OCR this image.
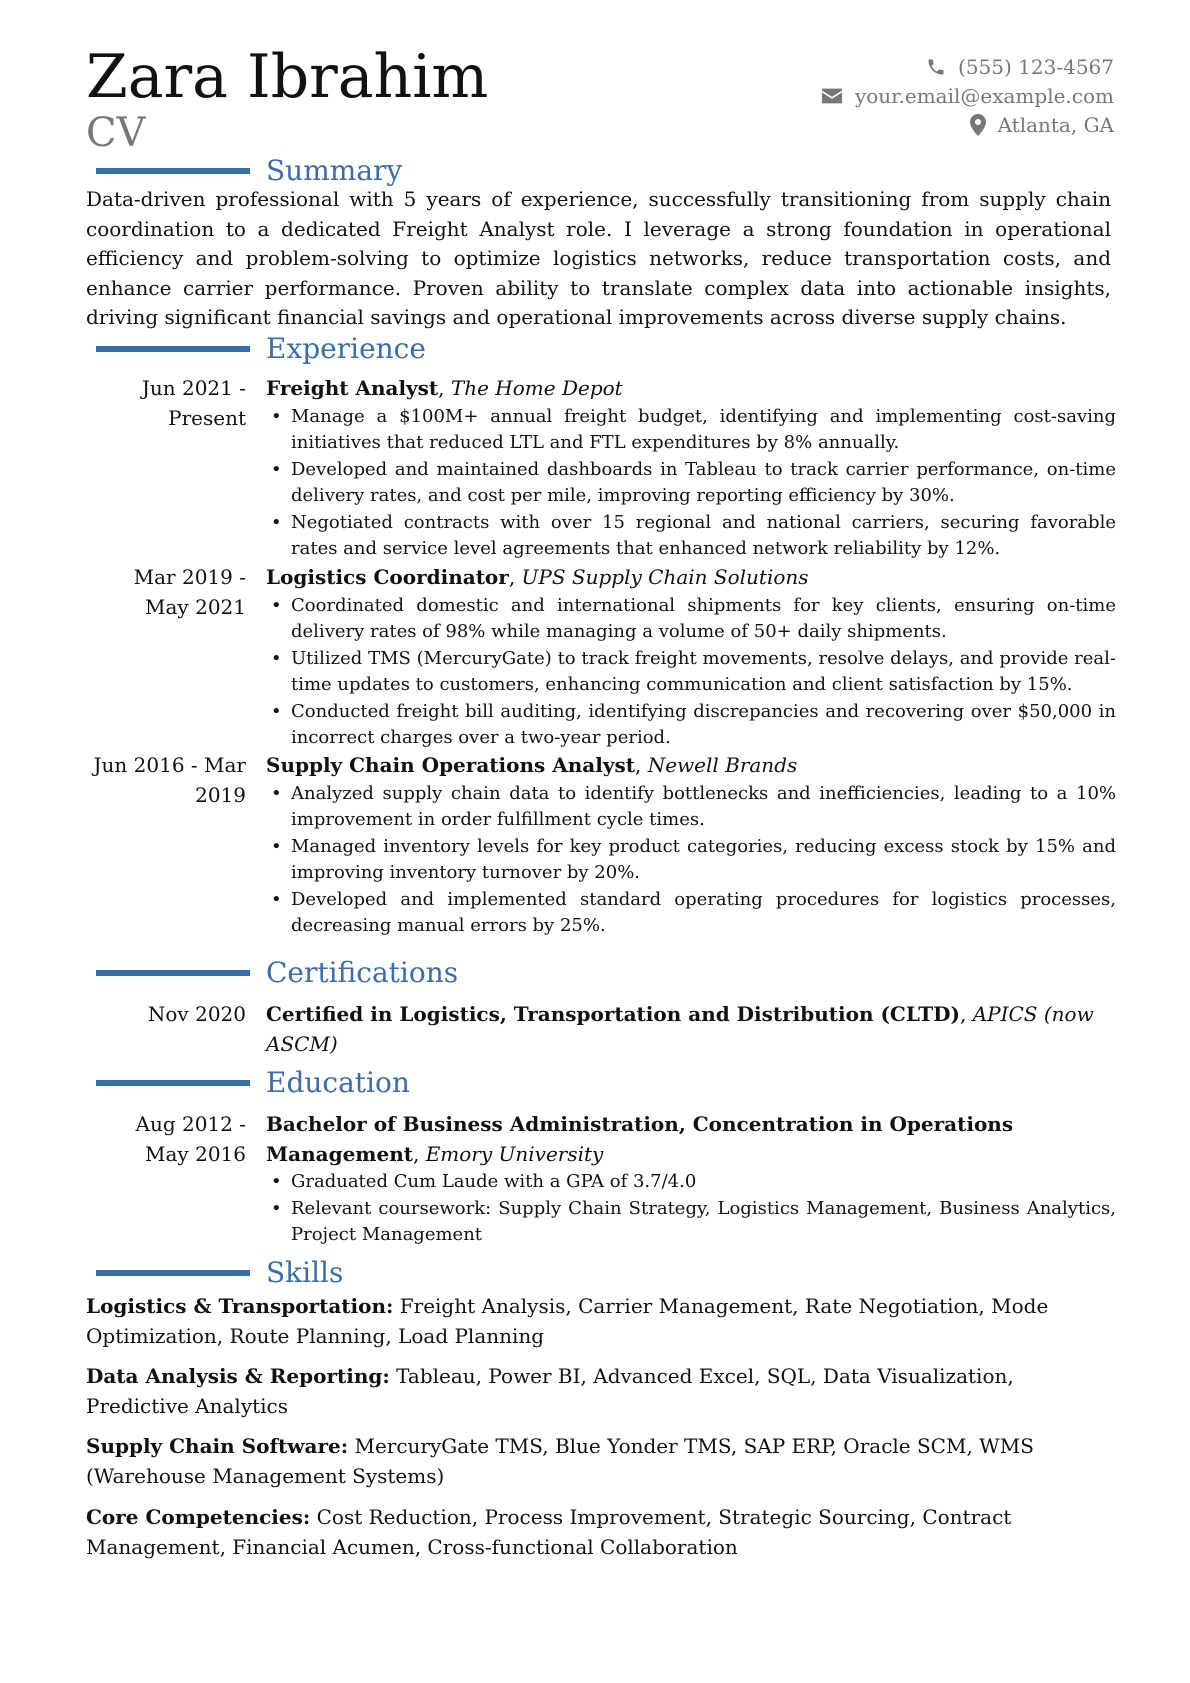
Zara Ibrahim
CV
(555) 123-4567
your.email@example.com
Atlanta, GA
Summary
Data-driven professional with 5 years of experience, successfully transitioning from supply chain coordination to a dedicated Freight Analyst role. I leverage a strong foundation in operational efficiency and problem-solving to optimize logistics networks, reduce transportation costs, and enhance carrier performance. Proven ability to translate complex data into actionable insights, driving significant financial savings and operational improvements across diverse supply chains.
Experience
Jun 2021 - Present
Freight Analyst, The Home Depot
• Manage a $100M+ annual freight budget, identifying and implementing cost-saving initiatives that reduced LTL and FTL expenditures by 8% annually.
• Developed and maintained dashboards in Tableau to track carrier performance, on-time delivery rates, and cost per mile, improving reporting efficiency by 30%.
• Negotiated contracts with over 15 regional and national carriers, securing favorable rates and service level agreements that enhanced network reliability by 12%.
Mar 2019 - May 2021
Logistics Coordinator, UPS Supply Chain Solutions
• Coordinated domestic and international shipments for key clients, ensuring on-time delivery rates of 98% while managing a volume of 50+ daily shipments.
• Utilized TMS (MercuryGate) to track freight movements, resolve delays, and provide real-time updates to customers, enhancing communication and client satisfaction by 15%.
• Conducted freight bill auditing, identifying discrepancies and recovering over $50,000 in incorrect charges over a two-year period.
Jun 2016 - Mar 2019
Supply Chain Operations Analyst, Newell Brands
• Analyzed supply chain data to identify bottlenecks and inefficiencies, leading to a 10% improvement in order fulfillment cycle times.
• Managed inventory levels for key product categories, reducing excess stock by 15% and improving inventory turnover by 20%.
• Developed and implemented standard operating procedures for logistics processes, decreasing manual errors by 25%.
Certifications
Nov 2020 Certified in Logistics, Transportation and Distribution (CLTD), APICS (now ASCM)
Education
Aug 2012 - May 2016
Bachelor of Business Administration, Concentration in Operations Management, Emory University
• Graduated Cum Laude with a GPA of 3.7/4.0
• Relevant coursework: Supply Chain Strategy, Logistics Management, Business Analytics, Project Management
Skills
Logistics & Transportation: Freight Analysis, Carrier Management, Rate Negotiation, Mode Optimization, Route Planning, Load Planning
Data Analysis & Reporting: Tableau, Power BI, Advanced Excel, SQL, Data Visualization, Predictive Analytics
Supply Chain Software: MercuryGate TMS, Blue Yonder TMS, SAP ERP, Oracle SCM, WMS (Warehouse Management Systems)
Core Competencies: Cost Reduction, Process Improvement, Strategic Sourcing, Contract Management, Financial Acumen, Cross-functional Collaboration
